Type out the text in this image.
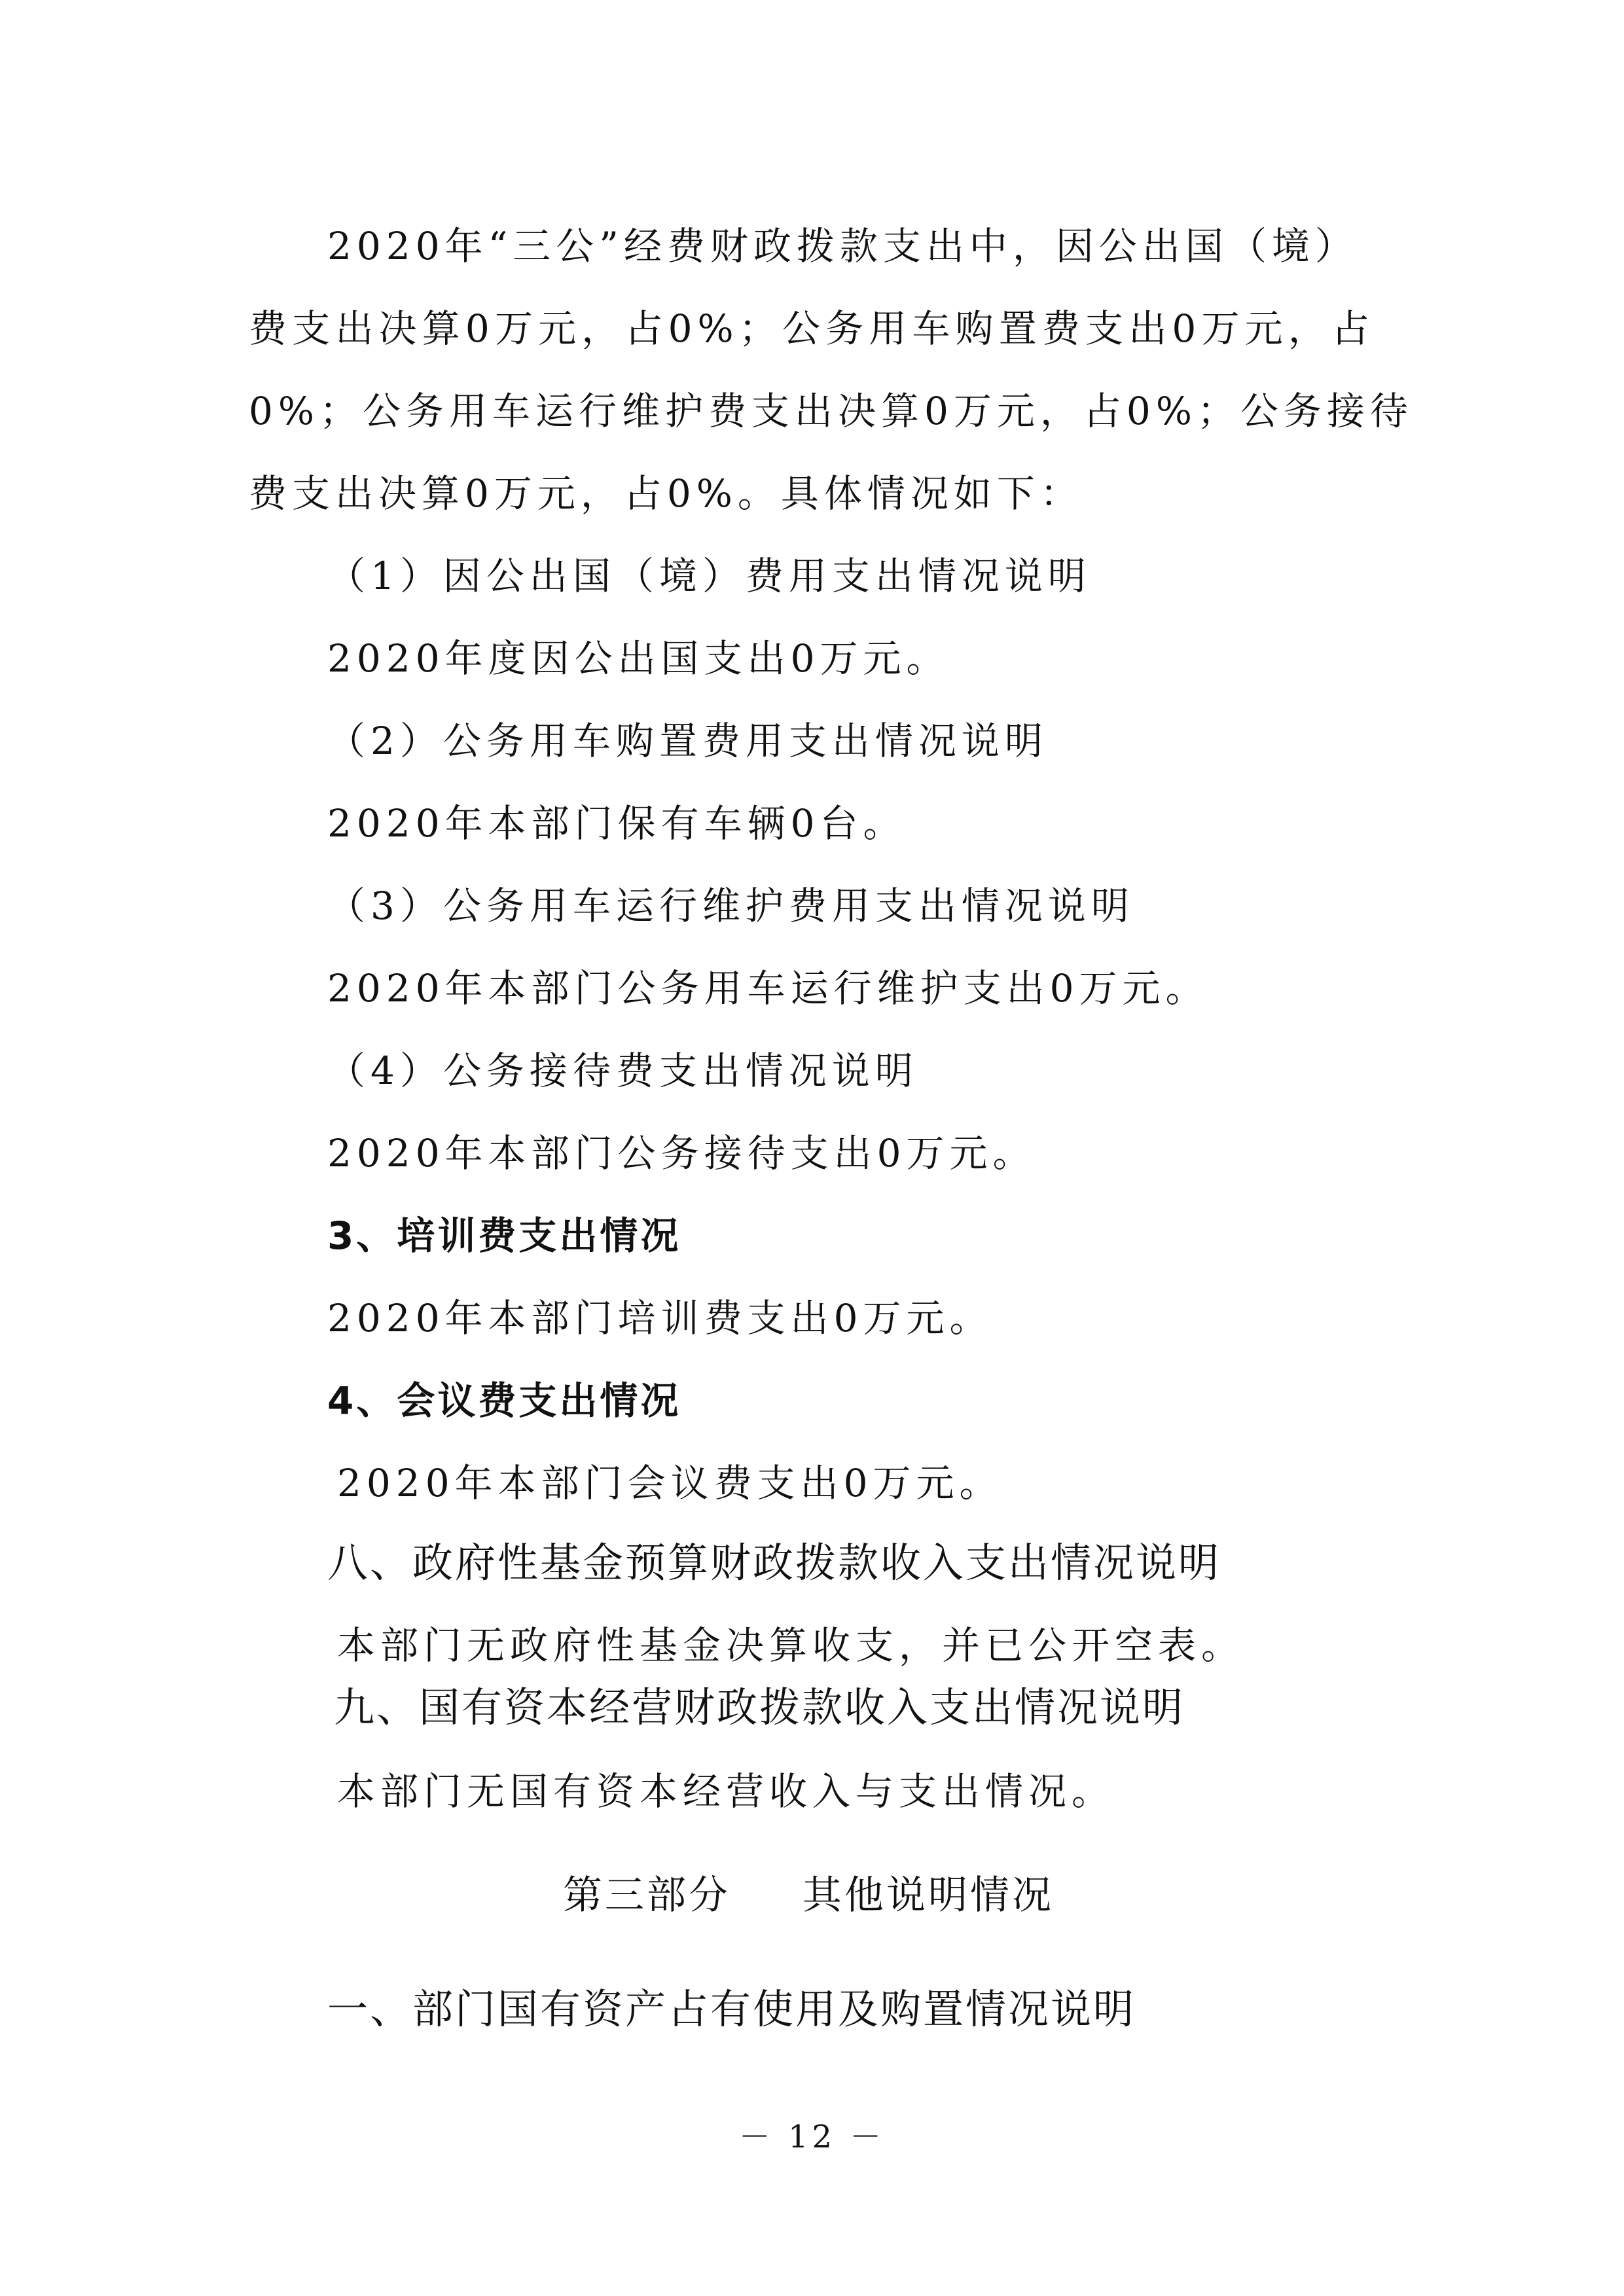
2020年“三公”经费财政拨款支出中，因公出国（境）

费支出决算0万元，占0%；公务用车购置费支出0万元，占

0%；公务用车运行维护费支出决算0万元，占0%；公务接待

费支出决算0万元，占0%。具体情况如下：

（1）因公出国（境）费用支出情况说明

2020年度因公出国支出0万元。

（2）公务用车购置费用支出情况说明

2020年本部门保有车辆0台。

（3）公务用车运行维护费用支出情况说明

2020年本部门公务用车运行维护支出0万元。

（4）公务接待费支出情况说明

2020年本部门公务接待支出0万元。

3、培训费支出情况

2020年本部门培训费支出0万元。

4、会议费支出情况

2020年本部门会议费支出0万元。

八、政府性基金预算财政拨款收入支出情况说明

本部门无政府性基金决算收支，并已公开空表。

九、国有资本经营财政拨款收入支出情况说明

本部门无国有资本经营收入与支出情况。

第三部分 其他说明情况

一、部门国有资产占有使用及购置情况说明

－ 12 －
